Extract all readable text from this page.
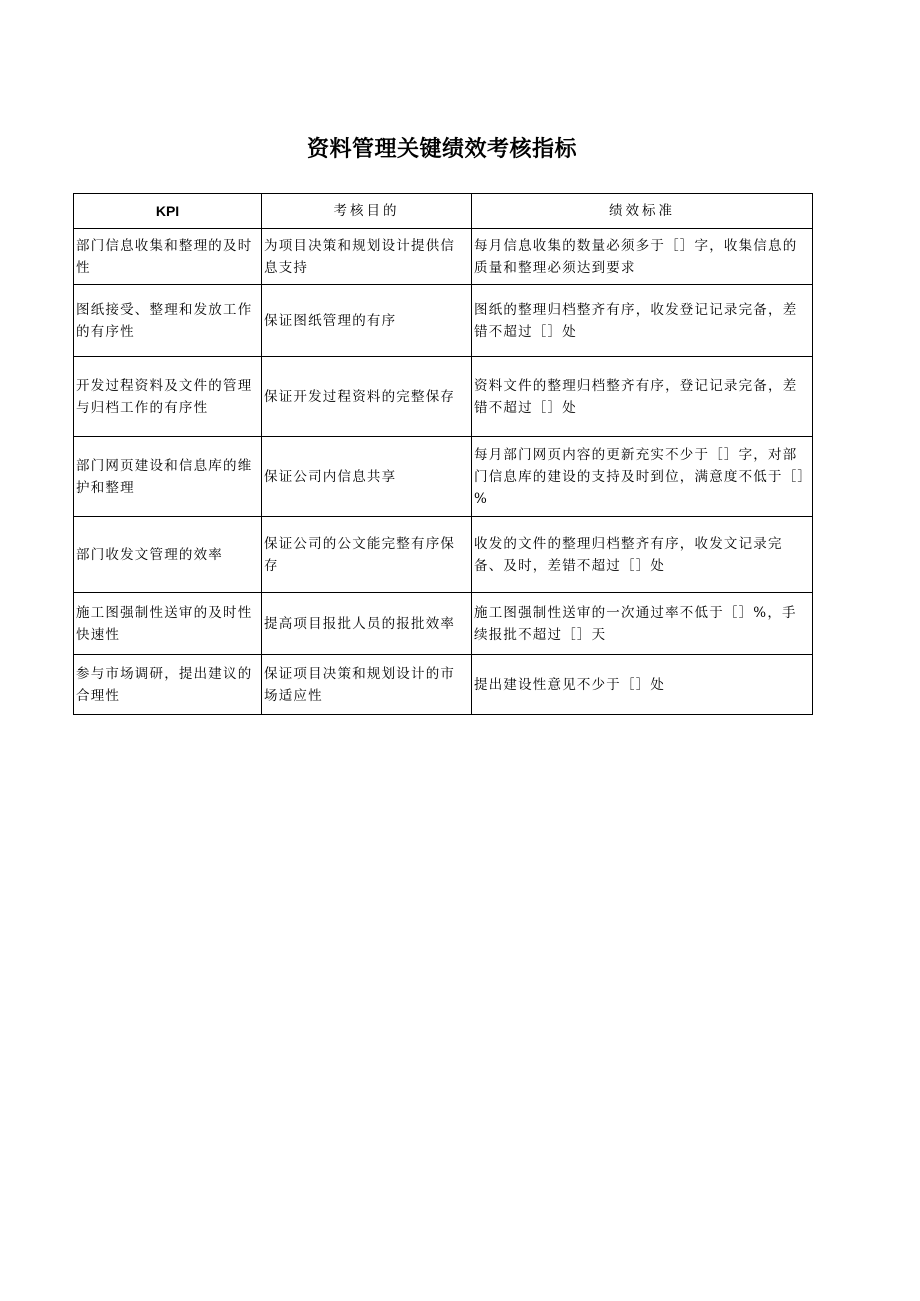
资料管理关键绩效考核指标
KPI	考核目的	绩效标准
部门信息收集和整理的及时性	为项目决策和规划设计提供信息支持	每月信息收集的数量必须多于［］字，收集信息的质量和整理必须达到要求
图纸接受、整理和发放工作的有序性	保证图纸管理的有序	图纸的整理归档整齐有序，收发登记记录完备，差错不超过［］处
开发过程资料及文件的管理与归档工作的有序性	保证开发过程资料的完整保存	资料文件的整理归档整齐有序，登记记录完备，差错不超过［］处
部门网页建设和信息库的维护和整理	保证公司内信息共享	每月部门网页内容的更新充实不少于［］字，对部门信息库的建设的支持及时到位，满意度不低于［］%
部门收发文管理的效率	保证公司的公文能完整有序保存	收发的文件的整理归档整齐有序，收发文记录完备、及时，差错不超过［］处
施工图强制性送审的及时性快速性	提高项目报批人员的报批效率	施工图强制性送审的一次通过率不低于［］%，手续报批不超过［］天
参与市场调研，提出建议的合理性	保证项目决策和规划设计的市场适应性	提出建设性意见不少于［］处
